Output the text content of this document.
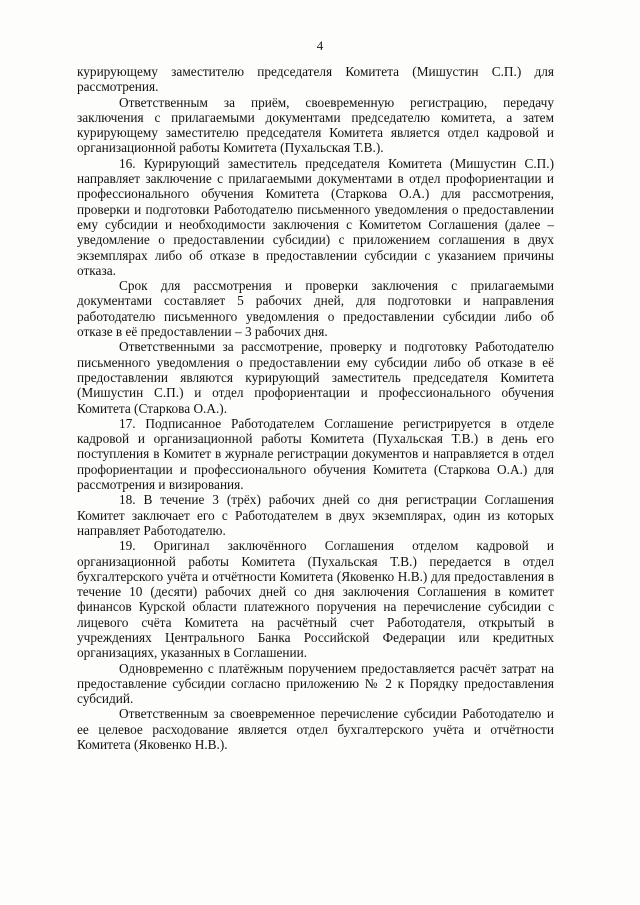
4

курирующему заместителю председателя Комитета (Мишустин С.П.) для рассмотрения.

Ответственным за приём, своевременную регистрацию, передачу заключения с прилагаемыми документами председателю комитета, а затем курирующему заместителю председателя Комитета является отдел кадровой и организационной работы Комитета (Пухальская Т.В.).

16. Курирующий заместитель председателя Комитета (Мишустин С.П.) направляет заключение с прилагаемыми документами в отдел профориентации и профессионального обучения Комитета (Старкова О.А.) для рассмотрения, проверки и подготовки Работодателю письменного уведомления о предоставлении ему субсидии и необходимости заключения с Комитетом Соглашения (далее – уведомление о предоставлении субсидии) с приложением соглашения в двух экземплярах либо об отказе в предоставлении субсидии с указанием причины отказа.

Срок для рассмотрения и проверки заключения с прилагаемыми документами составляет 5 рабочих дней, для подготовки и направления работодателю письменного уведомления о предоставлении субсидии либо об отказе в её предоставлении – 3 рабочих дня.

Ответственными за рассмотрение, проверку и подготовку Работодателю письменного уведомления о предоставлении ему субсидии либо об отказе в её предоставлении являются курирующий заместитель председателя Комитета (Мишустин С.П.) и отдел профориентации и профессионального обучения Комитета (Старкова О.А.).

17. Подписанное Работодателем Соглашение регистрируется в отделе кадровой и организационной работы Комитета (Пухальская Т.В.) в день его поступления в Комитет в журнале регистрации документов и направляется в отдел профориентации и профессионального обучения Комитета (Старкова О.А.) для рассмотрения и визирования.

18. В течение 3 (трёх) рабочих дней со дня регистрации Соглашения Комитет заключает его с Работодателем в двух экземплярах, один из которых направляет Работодателю.

19. Оригинал заключённого Соглашения отделом кадровой и организационной работы Комитета (Пухальская Т.В.) передается в отдел бухгалтерского учёта и отчётности Комитета (Яковенко Н.В.) для предоставления в течение 10 (десяти) рабочих дней со дня заключения Соглашения в комитет финансов Курской области платежного поручения на перечисление субсидии с лицевого счёта Комитета на расчётный счет Работодателя, открытый в учреждениях Центрального Банка Российской Федерации или кредитных организациях, указанных в Соглашении.

Одновременно с платёжным поручением предоставляется расчёт затрат на предоставление субсидии согласно приложению № 2 к Порядку предоставления субсидий.

Ответственным за своевременное перечисление субсидии Работодателю и ее целевое расходование является отдел бухгалтерского учёта и отчётности Комитета (Яковенко Н.В.).
